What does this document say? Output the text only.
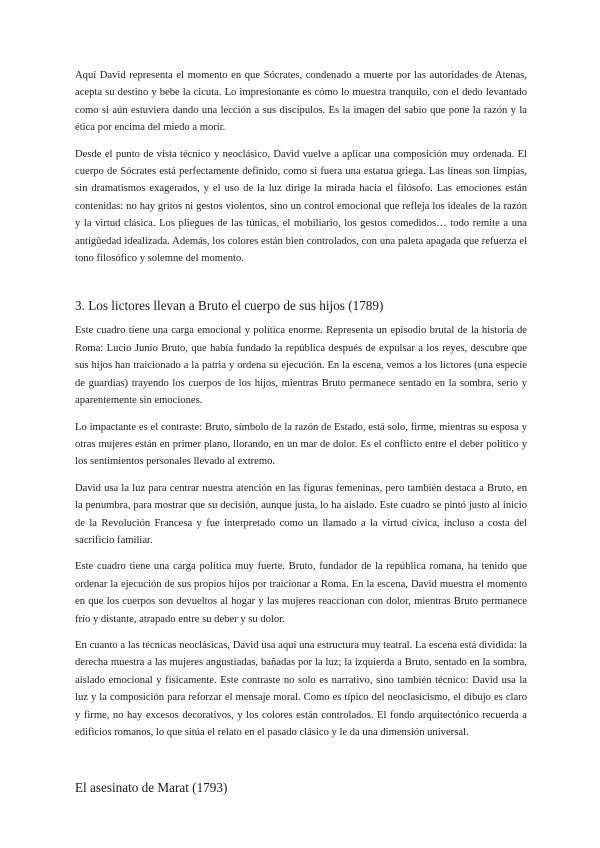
Aquí David representa el momento en que Sócrates, condenado a muerte por las autoridades de Atenas, acepta su destino y bebe la cicuta. Lo impresionante es cómo lo muestra tranquilo, con el dedo levantado como si aún estuviera dando una lección a sus discípulos. Es la imagen del sabio que pone la razón y la ética por encima del miedo a morir.

Desde el punto de vista técnico y neoclásico, David vuelve a aplicar una composición muy ordenada. El cuerpo de Sócrates está perfectamente definido, como si fuera una estatua griega. Las líneas son limpias, sin dramatismos exagerados, y el uso de la luz dirige la mirada hacia el filósofo. Las emociones están contenidas: no hay gritos ni gestos violentos, sino un control emocional que refleja los ideales de la razón y la virtud clásica. Los pliegues de las túnicas, el mobiliario, los gestos comedidos… todo remite a una antigüedad idealizada. Además, los colores están bien controlados, con una paleta apagada que refuerza el tono filosófico y solemne del momento.

3. Los lictores llevan a Bruto el cuerpo de sus hijos (1789)

Este cuadro tiene una carga emocional y política enorme. Representa un episodio brutal de la historia de Roma: Lucio Junio Bruto, que había fundado la república después de expulsar a los reyes, descubre que sus hijos han traicionado a la patria y ordena su ejecución. En la escena, vemos a los lictores (una especie de guardias) trayendo los cuerpos de los hijos, mientras Bruto permanece sentado en la sombra, serio y aparentemente sin emociones.

Lo impactante es el contraste: Bruto, símbolo de la razón de Estado, está solo, firme, mientras su esposa y otras mujeres están en primer plano, llorando, en un mar de dolor. Es el conflicto entre el deber político y los sentimientos personales llevado al extremo.

David usa la luz para centrar nuestra atención en las figuras femeninas, pero también destaca a Bruto, en la penumbra, para mostrar que su decisión, aunque justa, lo ha aislado. Este cuadro se pintó justo al inicio de la Revolución Francesa y fue interpretado como un llamado a la virtud cívica, incluso a costa del sacrificio familiar.

Este cuadro tiene una carga política muy fuerte. Bruto, fundador de la república romana, ha tenido que ordenar la ejecución de sus propios hijos por traicionar a Roma. En la escena, David muestra el momento en que los cuerpos son devueltos al hogar y las mujeres reaccionan con dolor, mientras Bruto permanece frío y distante, atrapado entre su deber y su dolor.

En cuanto a las técnicas neoclásicas, David usa aquí una estructura muy teatral. La escena está dividida: la derecha muestra a las mujeres angustiadas, bañadas por la luz; la izquierda a Bruto, sentado en la sombra, aislado emocional y físicamente. Este contraste no solo es narrativo, sino también técnico: David usa la luz y la composición para reforzar el mensaje moral. Como es típico del neoclasicismo, el dibujo es claro y firme, no hay excesos decorativos, y los colores están controlados. El fondo arquitectónico recuerda a edificios romanos, lo que sitúa el relato en el pasado clásico y le da una dimensión universal.

El asesinato de Marat (1793)
